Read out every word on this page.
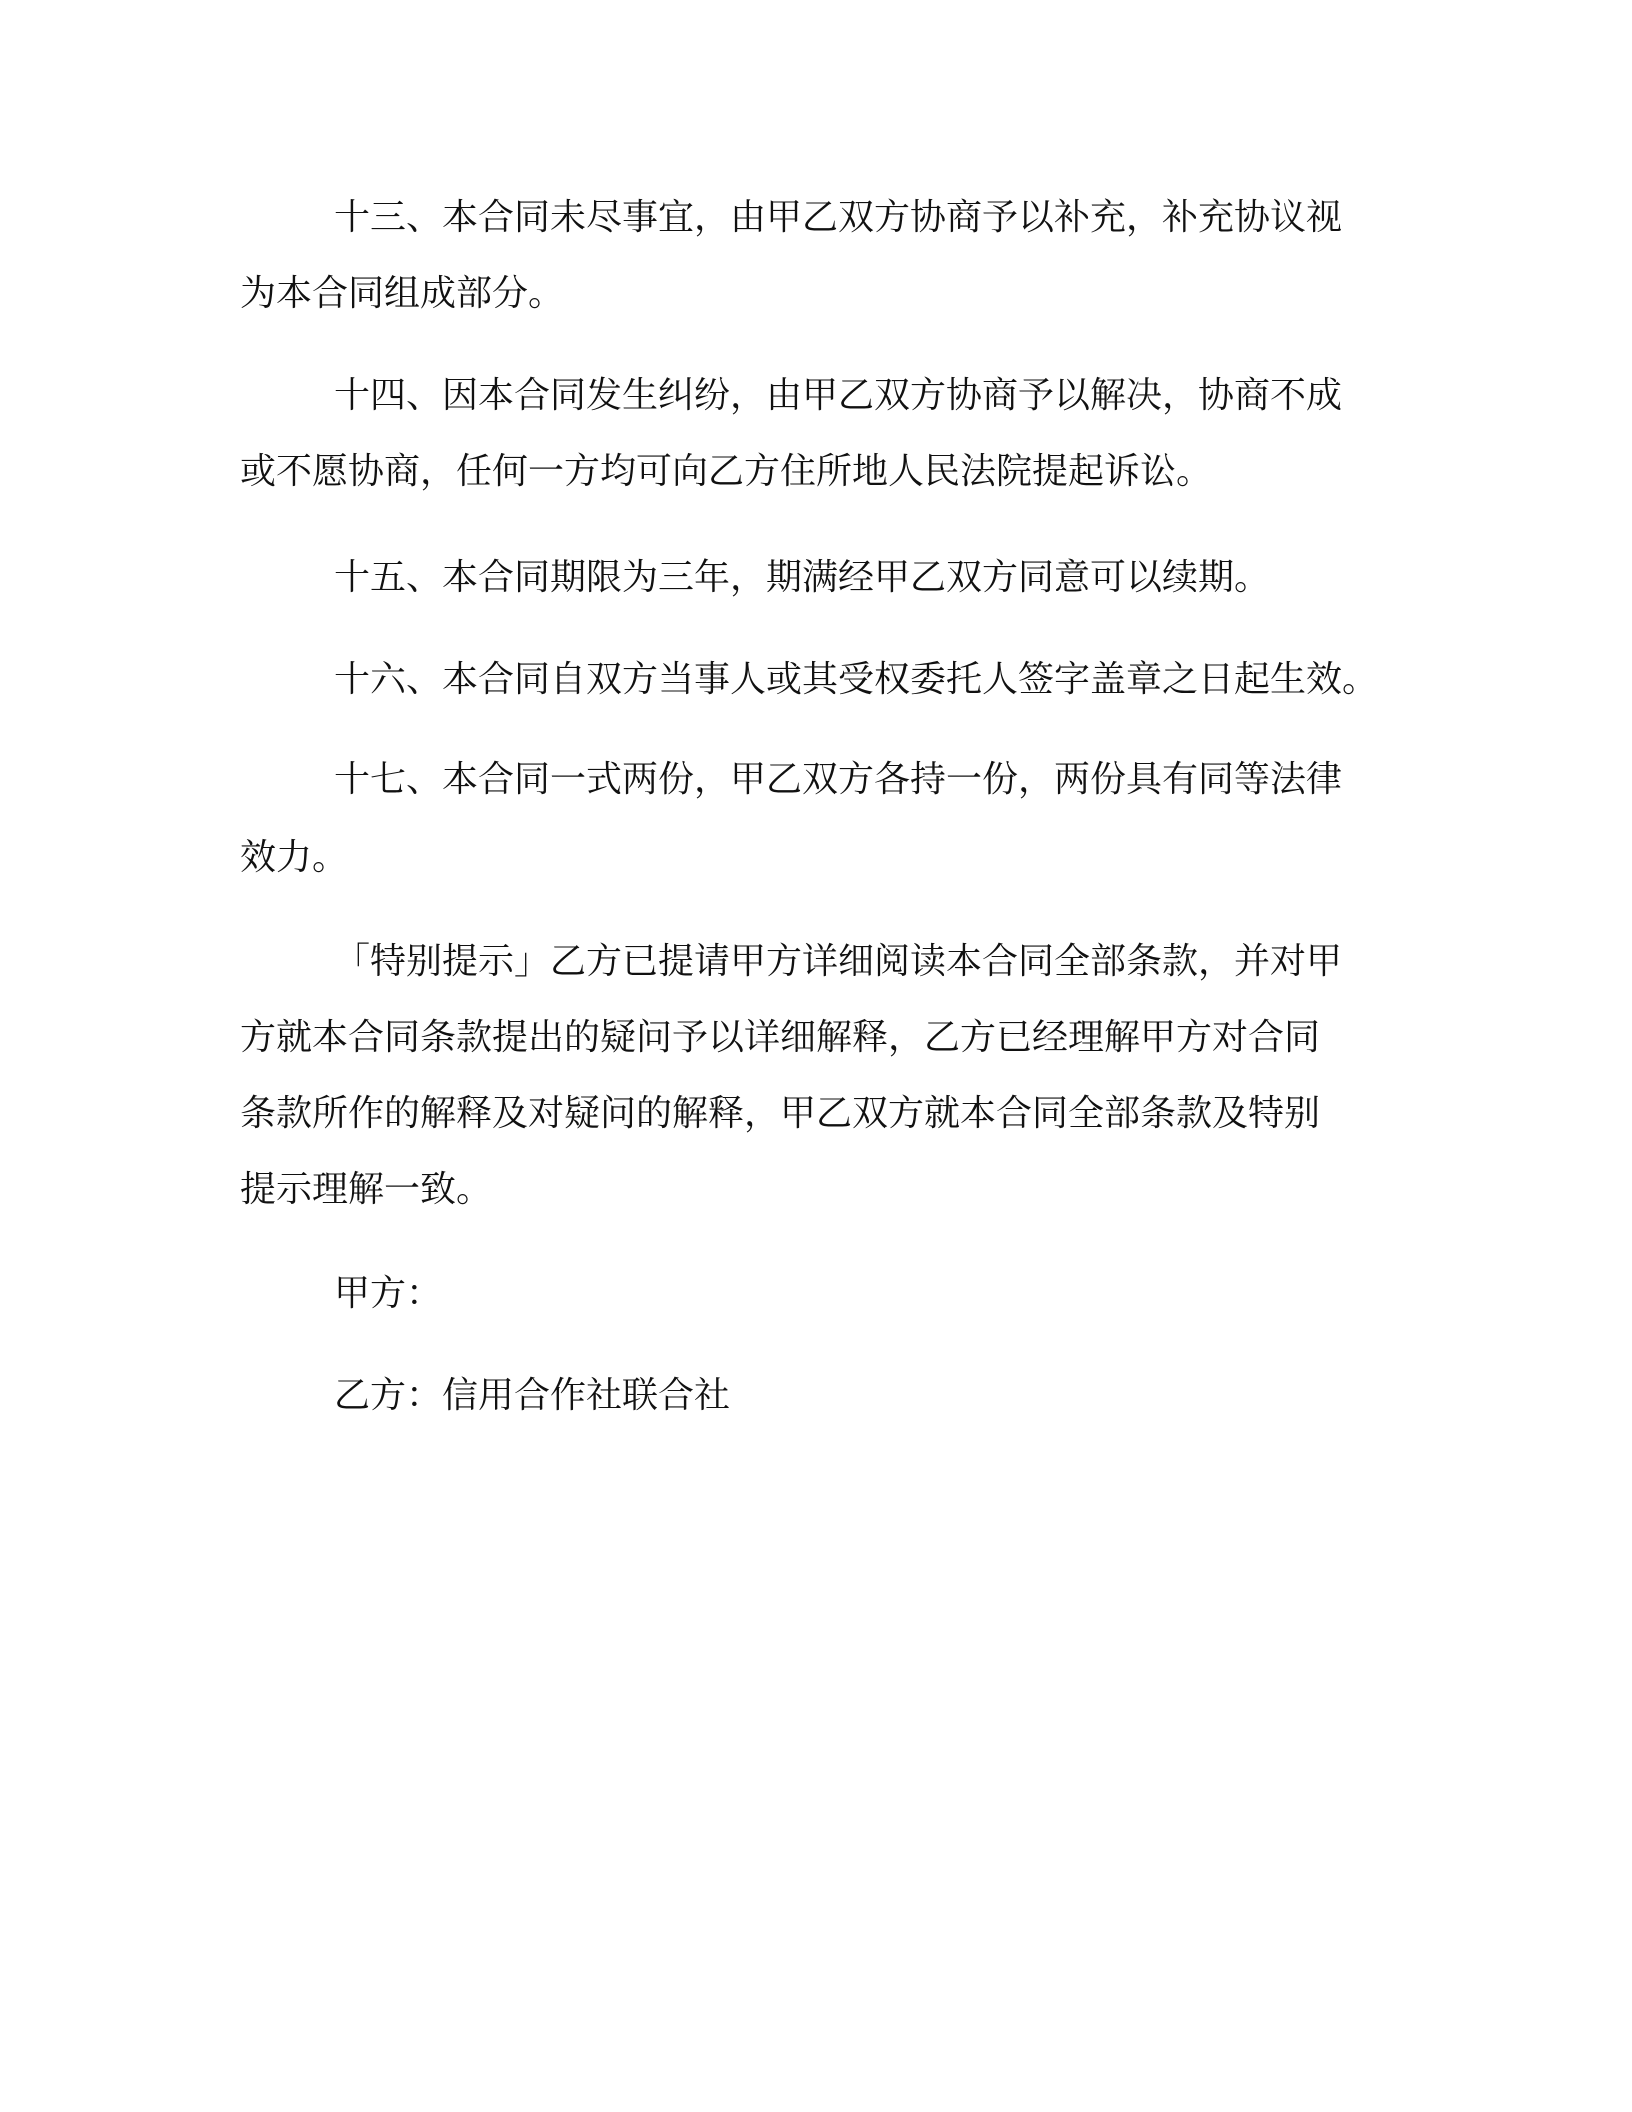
十三、本合同未尽事宜，由甲乙双方协商予以补充，补充协议视
为本合同组成部分。
十四、因本合同发生纠纷，由甲乙双方协商予以解决，协商不成
或不愿协商，任何一方均可向乙方住所地人民法院提起诉讼。
十五、本合同期限为三年，期满经甲乙双方同意可以续期。
十六、本合同自双方当事人或其受权委托人签字盖章之日起生效。
十七、本合同一式两份，甲乙双方各持一份，两份具有同等法律
效力。
「特别提示」乙方已提请甲方详细阅读本合同全部条款，并对甲
方就本合同条款提出的疑问予以详细解释，乙方已经理解甲方对合同
条款所作的解释及对疑问的解释，甲乙双方就本合同全部条款及特别
提示理解一致。
甲方：
乙方：信用合作社联合社
